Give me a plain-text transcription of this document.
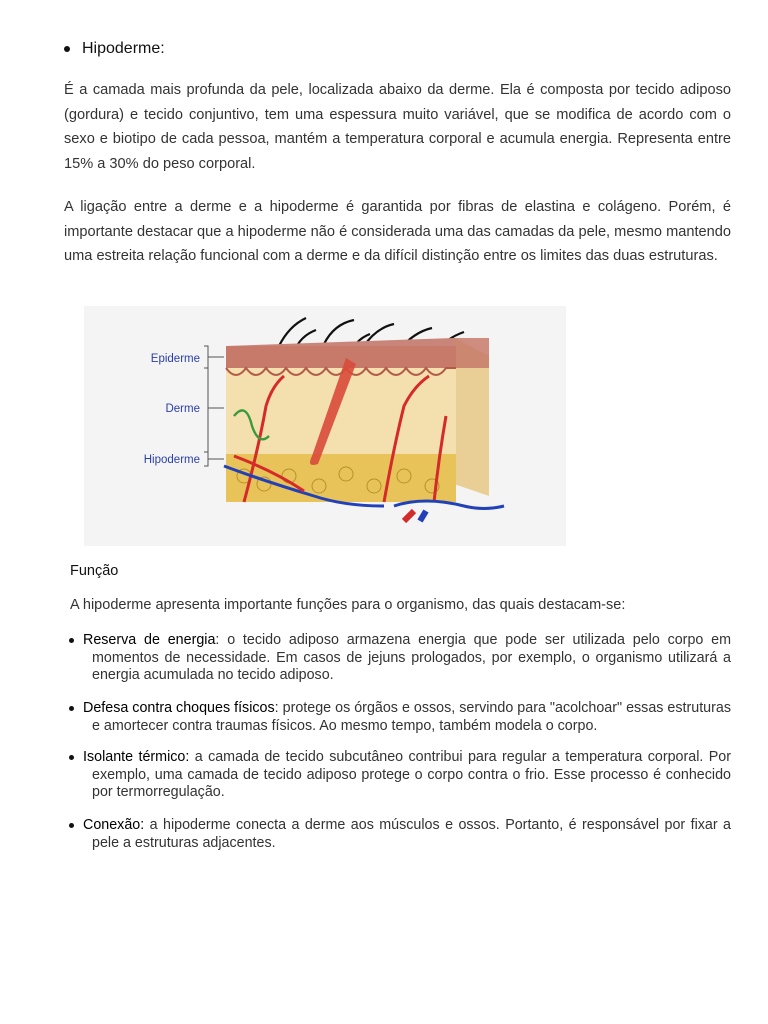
Hipoderme:

É a camada mais profunda da pele, localizada abaixo da derme. Ela é composta por tecido adiposo (gordura) e tecido conjuntivo, tem uma espessura muito variável, que se modifica de acordo com o sexo e biotipo de cada pessoa, mantém a temperatura corporal e acumula energia. Representa entre 15% a 30% do peso corporal.

A ligação entre a derme e a hipoderme é garantida por fibras de elastina e colágeno. Porém, é importante destacar que a hipoderme não é considerada uma das camadas da pele, mesmo mantendo uma estreita relação funcional com a derme e da difícil distinção entre os limites das duas estruturas.

Epiderme
Derme
Hipoderme
Função
A hipoderme apresenta importante funções para o organismo, das quais destacam-se:
Reserva de energia: o tecido adiposo armazena energia que pode ser utilizada pelo corpo em momentos de necessidade. Em casos de jejuns prologados, por exemplo, o organismo utilizará a energia acumulada no tecido adiposo.
Defesa contra choques físicos: protege os órgãos e ossos, servindo para "acolchoar" essas estruturas e amortecer contra traumas físicos. Ao mesmo tempo, também modela o corpo.
Isolante térmico: a camada de tecido subcutâneo contribui para regular a temperatura corporal. Por exemplo, uma camada de tecido adiposo protege o corpo contra o frio. Esse processo é conhecido por termorregulação.
Conexão: a hipoderme conecta a derme aos músculos e ossos. Portanto, é responsável por fixar a pele a estruturas adjacentes.
